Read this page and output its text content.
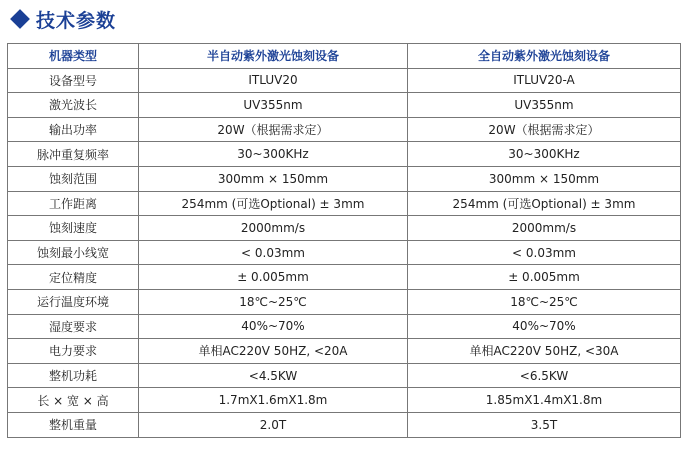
技术参数
机器类型	半自动紫外激光蚀刻设备	全自动紫外激光蚀刻设备
设备型号	ITLUV20	ITLUV20-A
激光波长	UV355nm	UV355nm
输出功率	20W（根据需求定）	20W（根据需求定）
脉冲重复频率	30~300KHz	30~300KHz
蚀刻范围	300mm × 150mm	300mm × 150mm
工作距离	254mm (可选Optional) ± 3mm	254mm (可选Optional) ± 3mm
蚀刻速度	2000mm/s	2000mm/s
蚀刻最小线宽	< 0.03mm	< 0.03mm
定位精度	± 0.005mm	± 0.005mm
运行温度环境	18℃~25℃	18℃~25℃
湿度要求	40%~70%	40%~70%
电力要求	单相AC220V 50HZ, <20A	单相AC220V 50HZ, <30A
整机功耗	<4.5KW	<6.5KW
长 × 宽 × 高	1.7mX1.6mX1.8m	1.85mX1.4mX1.8m
整机重量	2.0T	3.5T
